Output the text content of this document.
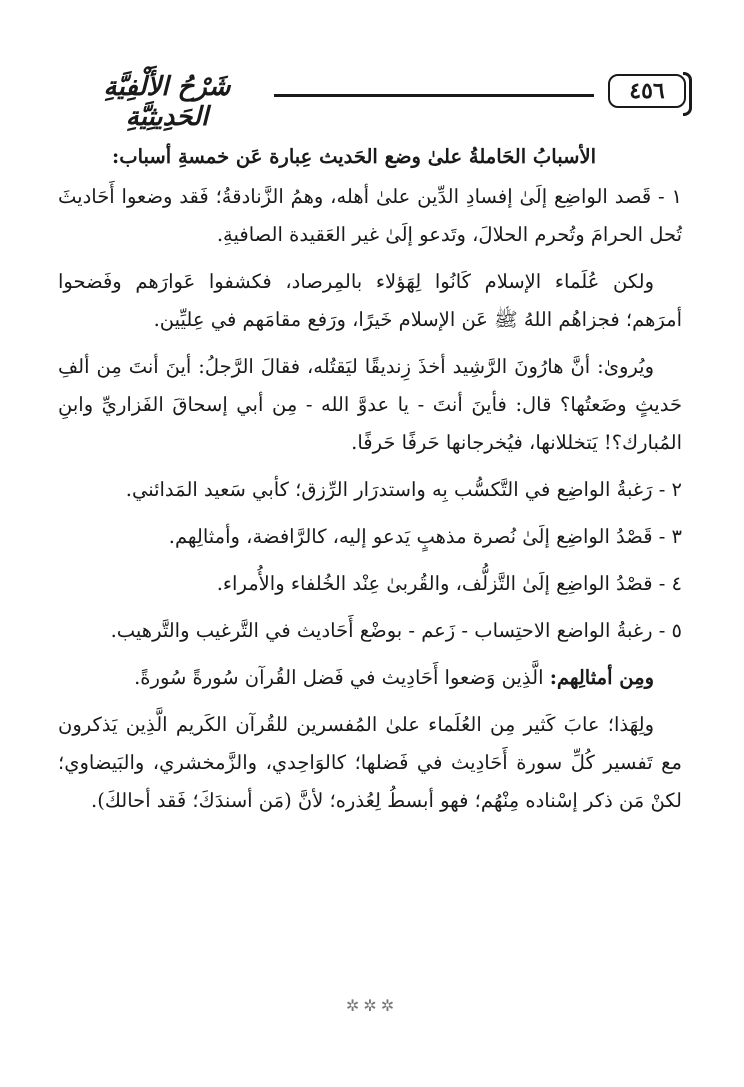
٤٥٦
شَرْحُ الأَلْفِيَّةِ الحَدِيثِيَّةِ

الأسبابُ الحَاملةُ علىٰ وضع الحَديث عِبارة عَن خمسةِ أسباب:

١ - قَصد الواضِع إلَىٰ إفسادِ الدِّين علىٰ أهله، وهمُ الزَّنادقةُ؛ فَقد وضعوا أَحَاديثَ تُحل الحرامَ وتُحرم الحلالَ، وتَدعو إلَىٰ غير العَقيدة الصافيةِ.

ولكن عُلَماء الإسلام كَانُوا لِهَؤلاء بالمِرصاد، فكشفوا عَوارَهم وفَضحوا أمرَهم؛ فجزاهُم اللهُ ﷺ عَن الإسلام خَيرًا، ورَفع مقامَهم في عِليِّين.

ويُروىٰ: أنَّ هارُونَ الرَّشِيد أخذَ زِنديقًا ليَقتُله، فقالَ الرَّجلُ: أينَ أنتَ مِن ألفِ حَديثٍ وضَعتُها؟ قال: فأينَ أنتَ - يا عدوَّ الله - مِن أبي إسحاقَ الفَزاريِّ وابنِ المُبارك؟! يَتخللانها، فيُخرجانها حَرفًا حَرفًا.

٢ - رَغبةُ الواضِع في التَّكسُّب بِه واستدرَار الرِّزق؛ كأبي سَعيد المَدائني.

٣ - قَصْدُ الواضِع إلَىٰ نُصرة مذهبٍ يَدعو إليه، كالرَّافضة، وأمثالِهم.

٤ - قصْدُ الواضِع إلَىٰ التَّزلُّف، والقُربىٰ عِنْد الخُلفاء والأُمراء.

٥ - رغبةُ الواضع الاحتِساب - زَعم - بوضْع أَحَاديث في التَّرغيب والتَّرهيب.

ومِن أمثالِهم: الَّذِين وَضعوا أَحَادِيث في فَضل القُرآن سُورةً سُورةً.

ولِهَذا؛ عابَ كَثير مِن العُلَماء علىٰ المُفسرين للقُرآن الكَريم الَّذِين يَذكرون مع تَفسير كُلِّ سورة أَحَادِيث في فَضلها؛ كالوَاحِدي، والزَّمخشري، والبَيضاوي؛ لكنْ مَن ذكر إسْناده مِنْهُم؛ فهو أبسطُ لِعُذره؛ لأنَّ (مَن أسندَكَ؛ فَقد أحالكَ).

✲✲✲
